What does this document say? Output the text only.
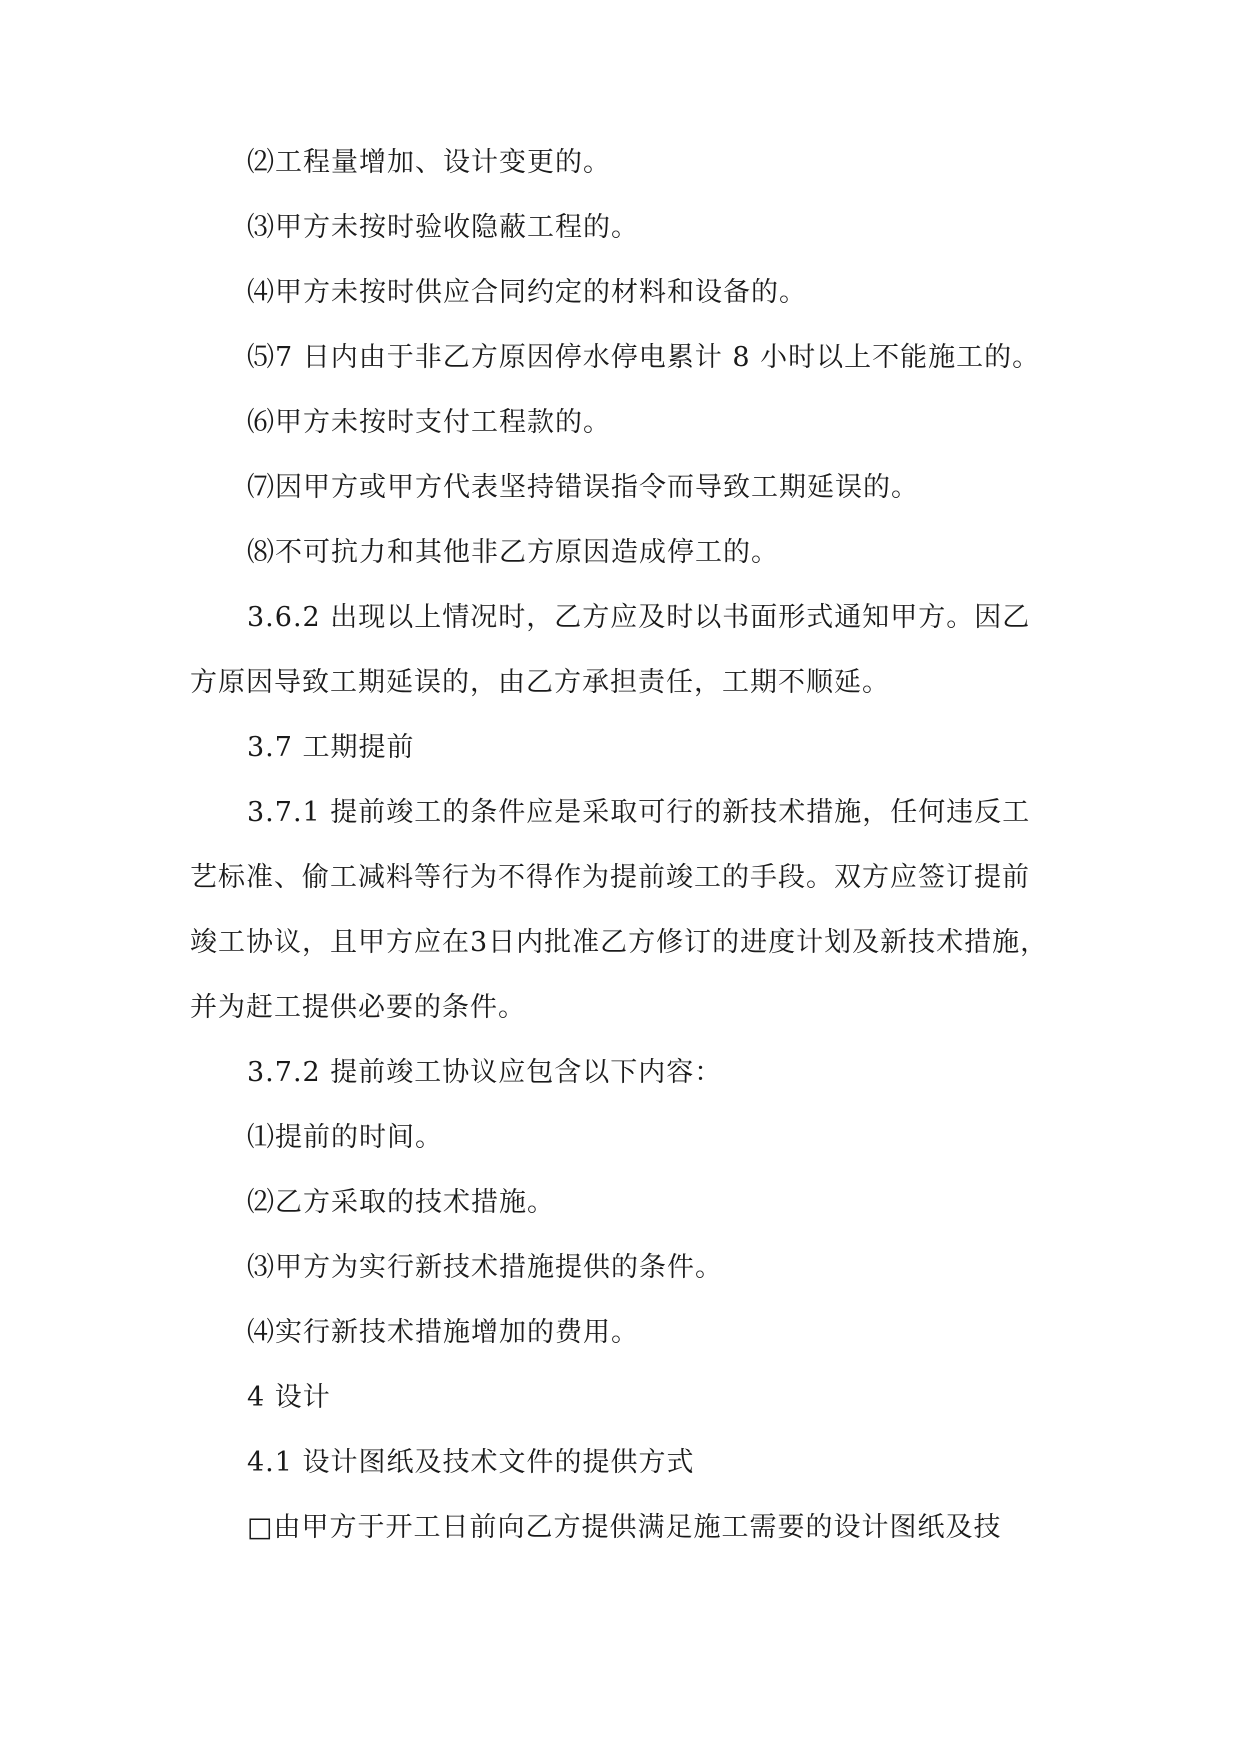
⑵工程量增加、设计变更的。
⑶甲方未按时验收隐蔽工程的。
⑷甲方未按时供应合同约定的材料和设备的。
⑸7 日内由于非乙方原因停水停电累计 8 小时以上不能施工的。
⑹甲方未按时支付工程款的。
⑺因甲方或甲方代表坚持错误指令而导致工期延误的。
⑻不可抗力和其他非乙方原因造成停工的。
3.6.2 出现以上情况时，乙方应及时以书面形式通知甲方。因乙
方原因导致工期延误的，由乙方承担责任，工期不顺延。
3.7 工期提前
3.7.1 提前竣工的条件应是采取可行的新技术措施，任何违反工
艺标准、偷工减料等行为不得作为提前竣工的手段。双方应签订提前
竣工协议，且甲方应在3日内批准乙方修订的进度计划及新技术措施，
并为赶工提供必要的条件。
3.7.2 提前竣工协议应包含以下内容：
⑴提前的时间。
⑵乙方采取的技术措施。
⑶甲方为实行新技术措施提供的条件。
⑷实行新技术措施增加的费用。
4 设计
4.1 设计图纸及技术文件的提供方式
□由甲方于开工日前向乙方提供满足施工需要的设计图纸及技
